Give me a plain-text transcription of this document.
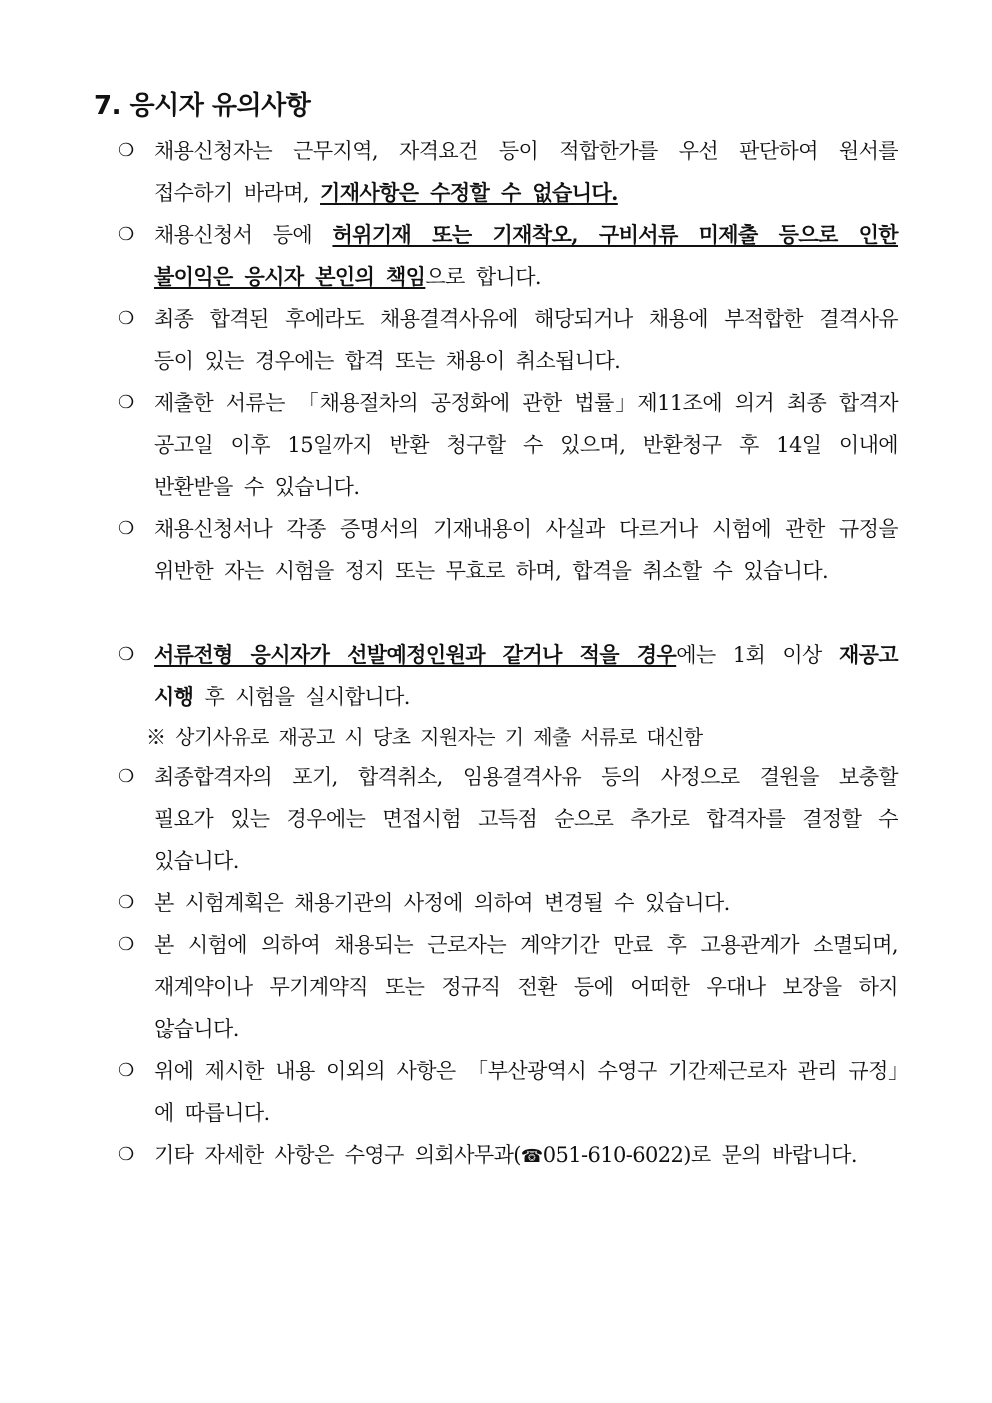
7. 응시자 유의사항
❍ 채용신청자는 근무지역, 자격요건 등이 적합한가를 우선 판단하여 원서를 접수하기 바라며, 기재사항은 수정할 수 없습니다.
❍ 채용신청서 등에 허위기재 또는 기재착오, 구비서류 미제출 등으로 인한 불이익은 응시자 본인의 책임으로 합니다.
❍ 최종 합격된 후에라도 채용결격사유에 해당되거나 채용에 부적합한 결격사유 등이 있는 경우에는 합격 또는 채용이 취소됩니다.
❍ 제출한 서류는 「채용절차의 공정화에 관한 법률」제11조에 의거 최종 합격자 공고일 이후 15일까지 반환 청구할 수 있으며, 반환청구 후 14일 이내에 반환받을 수 있습니다.
❍ 채용신청서나 각종 증명서의 기재내용이 사실과 다르거나 시험에 관한 규정을 위반한 자는 시험을 정지 또는 무효로 하며, 합격을 취소할 수 있습니다.
❍ 서류전형 응시자가 선발예정인원과 같거나 적을 경우에는 1회 이상 재공고 시행 후 시험을 실시합니다.
❍ 최종합격자의 포기, 합격취소, 임용결격사유 등의 사정으로 결원을 보충할 필요가 있는 경우에는 면접시험 고득점 순으로 추가로 합격자를 결정할 수 있습니다.
❍ 본 시험계획은 채용기관의 사정에 의하여 변경될 수 있습니다.
❍ 본 시험에 의하여 채용되는 근로자는 계약기간 만료 후 고용관계가 소멸되며, 재계약이나 무기계약직 또는 정규직 전환 등에 어떠한 우대나 보장을 하지 않습니다.
❍ 위에 제시한 내용 이외의 사항은 「부산광역시 수영구 기간제근로자 관리 규정」에 따릅니다.
❍ 기타 자세한 사항은 수영구 의회사무과(☎051-610-6022)로 문의 바랍니다.
※ 상기사유로 재공고 시 당초 지원자는 기 제출 서류로 대신함
